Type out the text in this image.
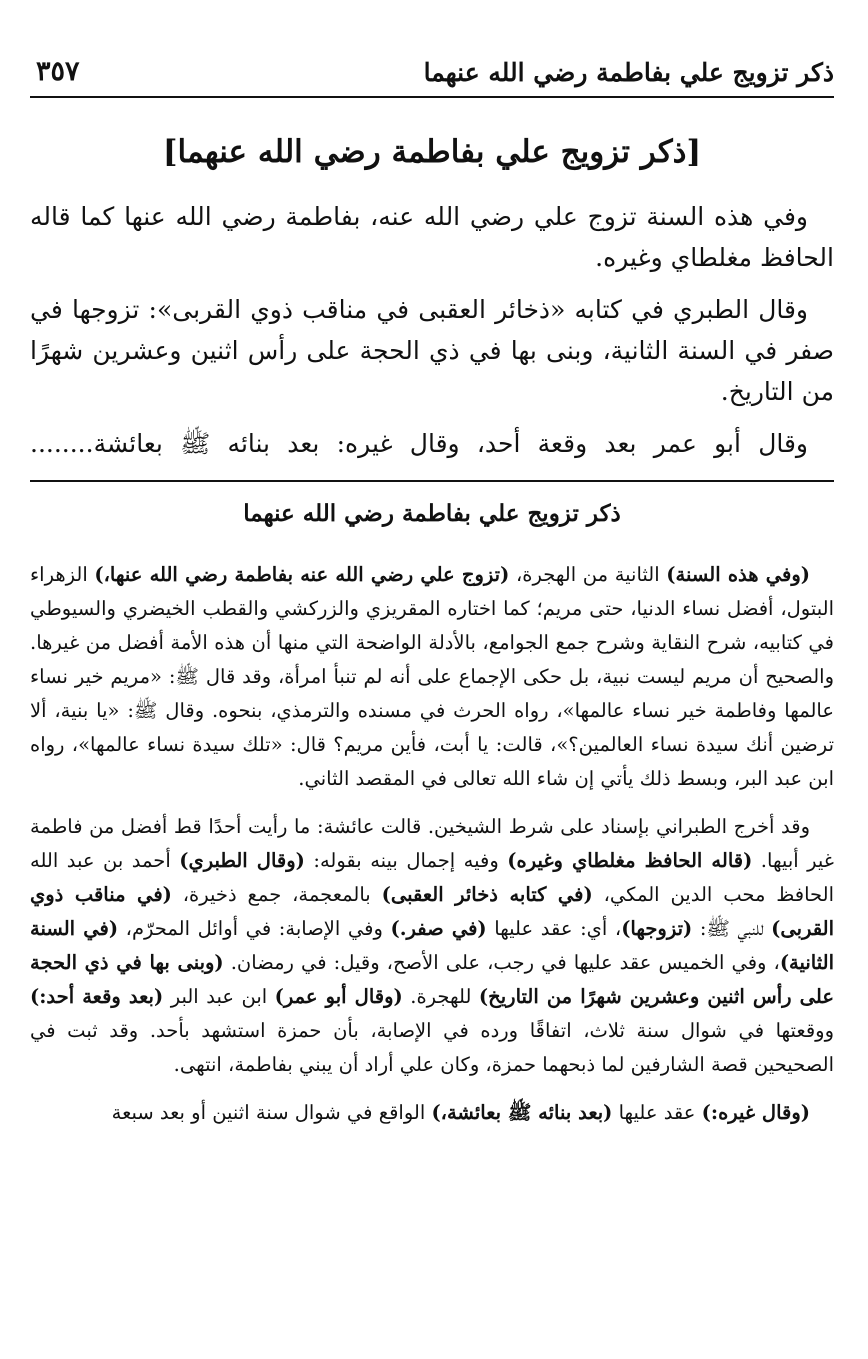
ذكر تزويج علي بفاطمة رضي الله عنهما
٣٥٧
[ذكر تزويج علي بفاطمة رضي الله عنهما]

وفي هذه السنة تزوج علي رضي الله عنه، بفاطمة رضي الله عنها كما قاله الحافظ مغلطاي وغيره.

وقال الطبري في كتابه «ذخائر العقبى في مناقب ذوي القربى»: تزوجها في صفر في السنة الثانية، وبنى بها في ذي الحجة على رأس اثنين وعشرين شهرًا من التاريخ.

وقال أبو عمر بعد وقعة أحد، وقال غيره: بعد بنائه ﷺ بعائشة........

ذكر تزويج علي بفاطمة رضي الله عنهما

(وفي هذه السنة) الثانية من الهجرة، (تزوج علي رضي الله عنه بفاطمة رضي الله عنها،) الزهراء البتول، أفضل نساء الدنيا، حتى مريم؛ كما اختاره المقريزي والزركشي والقطب الخيضري والسيوطي في كتابيه، شرح النقاية وشرح جمع الجوامع، بالأدلة الواضحة التي منها أن هذه الأمة أفضل من غيرها. والصحيح أن مريم ليست نبية، بل حكى الإجماع على أنه لم تنبأ امرأة، وقد قال ﷺ: «مريم خير نساء عالمها وفاطمة خير نساء عالمها»، رواه الحرث في مسنده والترمذي، بنحوه. وقال ﷺ: «يا بنية، ألا ترضين أنك سيدة نساء العالمين؟»، قالت: يا أبت، فأين مريم؟ قال: «تلك سيدة نساء عالمها»، رواه ابن عبد البر، وبسط ذلك يأتي إن شاء الله تعالى في المقصد الثاني.

وقد أخرج الطبراني بإسناد على شرط الشيخين. قالت عائشة: ما رأيت أحدًا قط أفضل من فاطمة غير أبيها. (قاله الحافظ مغلطاي وغيره) وفيه إجمال بينه بقوله: (وقال الطبري) أحمد بن عبد الله الحافظ محب الدين المكي، (في كتابه ذخائر العقبى) بالمعجمة، جمع ذخيرة، (في مناقب ذوي القربى) للنبي ﷺ: (تزوجها)، أي: عقد عليها (في صفر.) وفي الإصابة: في أوائل المحرّم، (في السنة الثانية)، وفي الخميس عقد عليها في رجب، على الأصح، وقيل: في رمضان. (وبنى بها في ذي الحجة على رأس اثنين وعشرين شهرًا من التاريخ) للهجرة. (وقال أبو عمر) ابن عبد البر (بعد وقعة أحد:) ووقعتها في شوال سنة ثلاث، اتفاقًا ورده في الإصابة، بأن حمزة استشهد بأحد. وقد ثبت في الصحيحين قصة الشارفين لما ذبحهما حمزة، وكان علي أراد أن يبني بفاطمة، انتهى.

(وقال غيره:) عقد عليها (بعد بنائه ﷺ بعائشة،) الواقع في شوال سنة اثنين أو بعد سبعة
